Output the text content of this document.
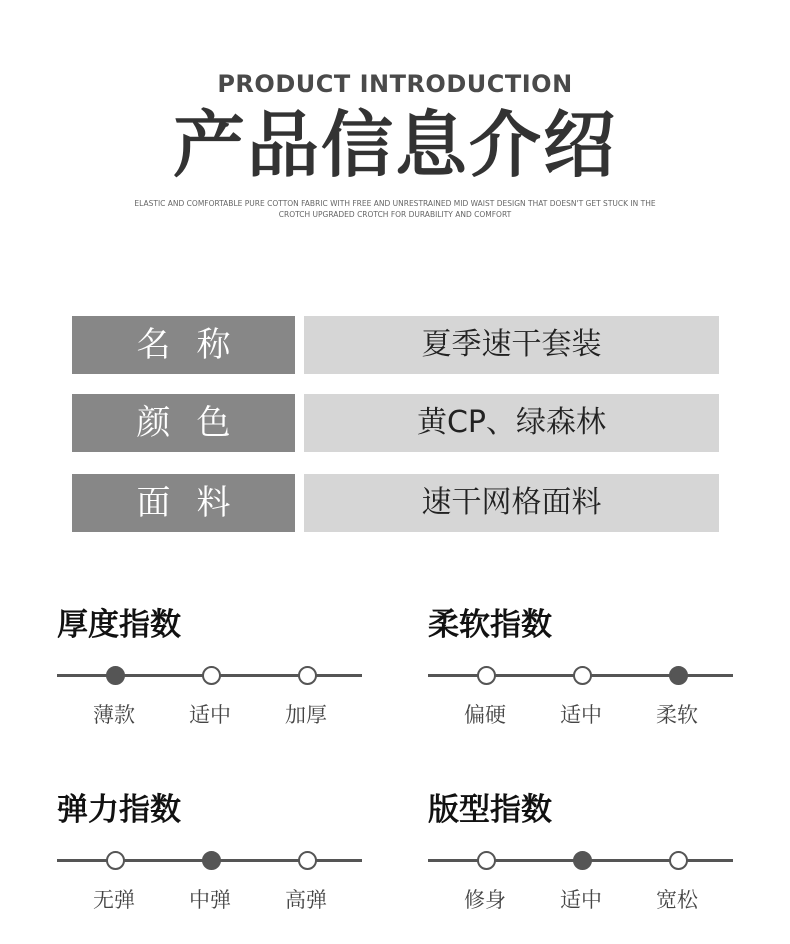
PRODUCT INTRODUCTION
产品信息介绍
ELASTIC AND COMFORTABLE PURE COTTON FABRIC WITH FREE AND UNRESTRAINED MID WAIST DESIGN THAT DOESN'T GET STUCK IN THE
CROTCH UPGRADED CROTCH FOR DURABILITY AND COMFORT
名称	夏季速干套装
颜色	黄CP、绿森林
面料	速干网格面料
厚度指数
薄款	适中	加厚
柔软指数
偏硬	适中	柔软
弹力指数
无弹	中弹	高弹
版型指数
修身	适中	宽松
